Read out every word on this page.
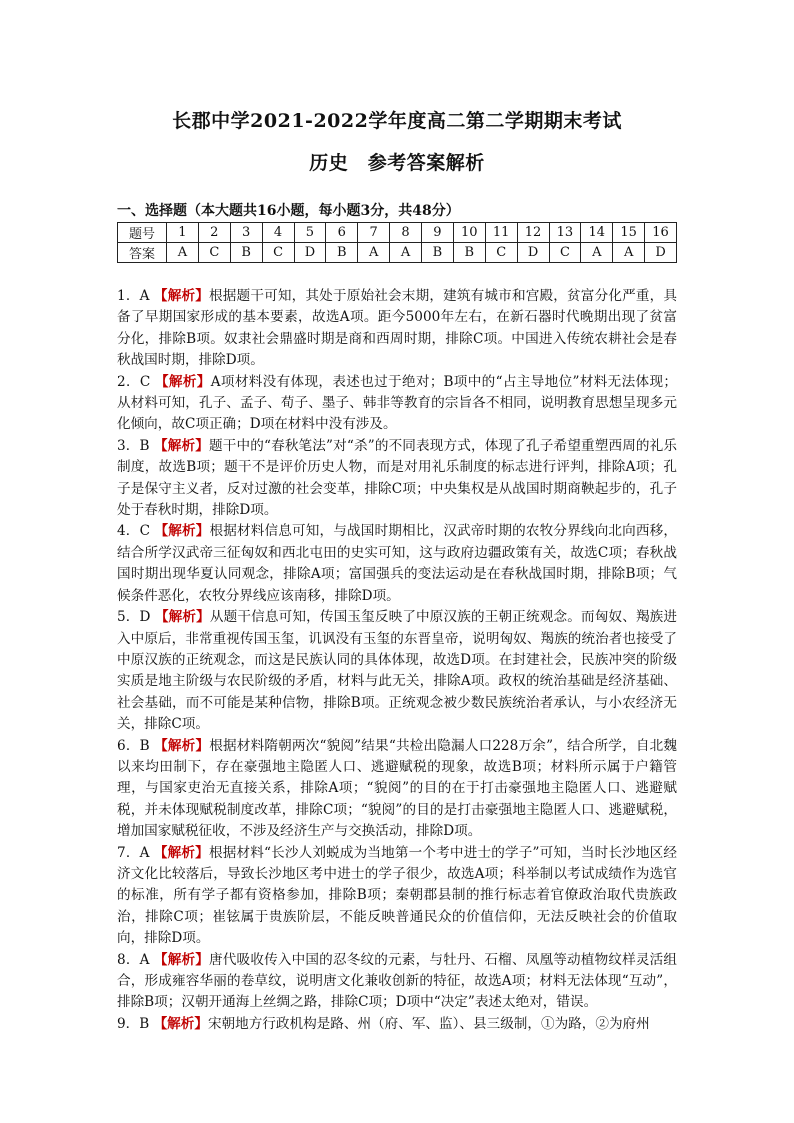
长郡中学2021-2022学年度高二第二学期期末考试
历史　参考答案解析
一、选择题（本大题共16小题，每小题3分，共48分）
题号	1	2	3	4	5	6	7	8	9	10	11	12	13	14	15	16
答案	A	C	B	C	D	B	A	A	B	B	C	D	C	A	A	D

1．A 【解析】根据题干可知，其处于原始社会末期，建筑有城市和宫殿，贫富分化严重，具备了早期国家形成的基本要素，故选A项。距今5000年左右，在新石器时代晚期出现了贫富分化，排除B项。奴隶社会鼎盛时期是商和西周时期，排除C项。中国进入传统农耕社会是春秋战国时期，排除D项。

2．C 【解析】A项材料没有体现，表述也过于绝对；B项中的“占主导地位”材料无法体现；从材料可知，孔子、孟子、荀子、墨子、韩非等教育的宗旨各不相同，说明教育思想呈现多元化倾向，故C项正确；D项在材料中没有涉及。

3．B 【解析】题干中的“春秋笔法”对“杀”的不同表现方式，体现了孔子希望重塑西周的礼乐制度，故选B项；题干不是评价历史人物，而是对用礼乐制度的标志进行评判，排除A项；孔子是保守主义者，反对过激的社会变革，排除C项；中央集权是从战国时期商鞅起步的，孔子处于春秋时期，排除D项。

4．C 【解析】根据材料信息可知，与战国时期相比，汉武帝时期的农牧分界线向北向西移，结合所学汉武帝三征匈奴和西北屯田的史实可知，这与政府边疆政策有关，故选C项；春秋战国时期出现华夏认同观念，排除A项；富国强兵的变法运动是在春秋战国时期，排除B项；气候条件恶化，农牧分界线应该南移，排除D项。

5．D 【解析】从题干信息可知，传国玉玺反映了中原汉族的王朝正统观念。而匈奴、羯族进入中原后，非常重视传国玉玺，讥讽没有玉玺的东晋皇帝，说明匈奴、羯族的统治者也接受了中原汉族的正统观念，而这是民族认同的具体体现，故选D项。在封建社会，民族冲突的阶级实质是地主阶级与农民阶级的矛盾，材料与此无关，排除A项。政权的统治基础是经济基础、社会基础，而不可能是某种信物，排除B项。正统观念被少数民族统治者承认，与小农经济无关，排除C项。

6．B 【解析】根据材料隋朝两次“貌阅”结果“共检出隐漏人口228万余”，结合所学，自北魏以来均田制下，存在豪强地主隐匿人口、逃避赋税的现象，故选B项；材料所示属于户籍管理，与国家吏治无直接关系，排除A项；“貌阅”的目的在于打击豪强地主隐匿人口、逃避赋税，并未体现赋税制度改革，排除C项；“貌阅”的目的是打击豪强地主隐匿人口、逃避赋税，增加国家赋税征收，不涉及经济生产与交换活动，排除D项。

7．A 【解析】根据材料“长沙人刘蜕成为当地第一个考中进士的学子”可知，当时长沙地区经济文化比较落后，导致长沙地区考中进士的学子很少，故选A项；科举制以考试成绩作为选官的标准，所有学子都有资格参加，排除B项；秦朝郡县制的推行标志着官僚政治取代贵族政治，排除C项；崔铉属于贵族阶层，不能反映普通民众的价值信仰，无法反映社会的价值取向，排除D项。

8．A 【解析】唐代吸收传入中国的忍冬纹的元素，与牡丹、石榴、凤凰等动植物纹样灵活组合，形成雍容华丽的卷草纹，说明唐文化兼收创新的特征，故选A项；材料无法体现“互动”，排除B项；汉朝开通海上丝绸之路，排除C项；D项中“决定”表述太绝对，错误。

9．B 【解析】宋朝地方行政机构是路、州（府、军、监）、县三级制，①为路，②为府州
